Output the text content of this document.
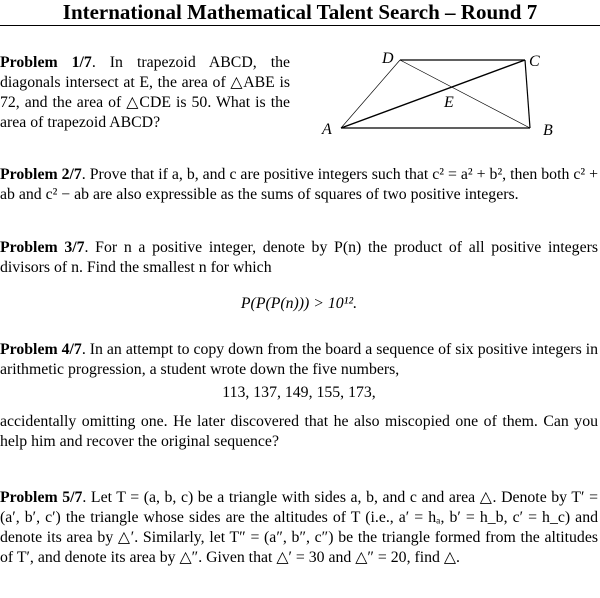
International Mathematical Talent Search – Round 7
Problem 1/7. In trapezoid ABCD, the diagonals intersect at E, the area of △ABE is 72, and the area of △CDE is 50. What is the area of trapezoid ABCD?
D	C
E
A	B
Problem 2/7. Prove that if a, b, and c are positive integers such that c² = a² + b², then both c² + ab and c² − ab are also expressible as the sums of squares of two positive integers.
Problem 3/7. For n a positive integer, denote by P(n) the product of all positive integers divisors of n. Find the smallest n for which
P(P(P(n))) > 10¹².
Problem 4/7. In an attempt to copy down from the board a sequence of six positive integers in arithmetic progression, a student wrote down the five numbers,
113, 137, 149, 155, 173,
accidentally omitting one. He later discovered that he also miscopied one of them. Can you help him and recover the original sequence?
Problem 5/7. Let T = (a, b, c) be a triangle with sides a, b, and c and area △. Denote by T′ = (a′, b′, c′) the triangle whose sides are the altitudes of T (i.e., a′ = hₐ, b′ = h_b, c′ = h_c) and denote its area by △′. Similarly, let T″ = (a″, b″, c″) be the triangle formed from the altitudes of T′, and denote its area by △″. Given that △′ = 30 and △″ = 20, find △.
